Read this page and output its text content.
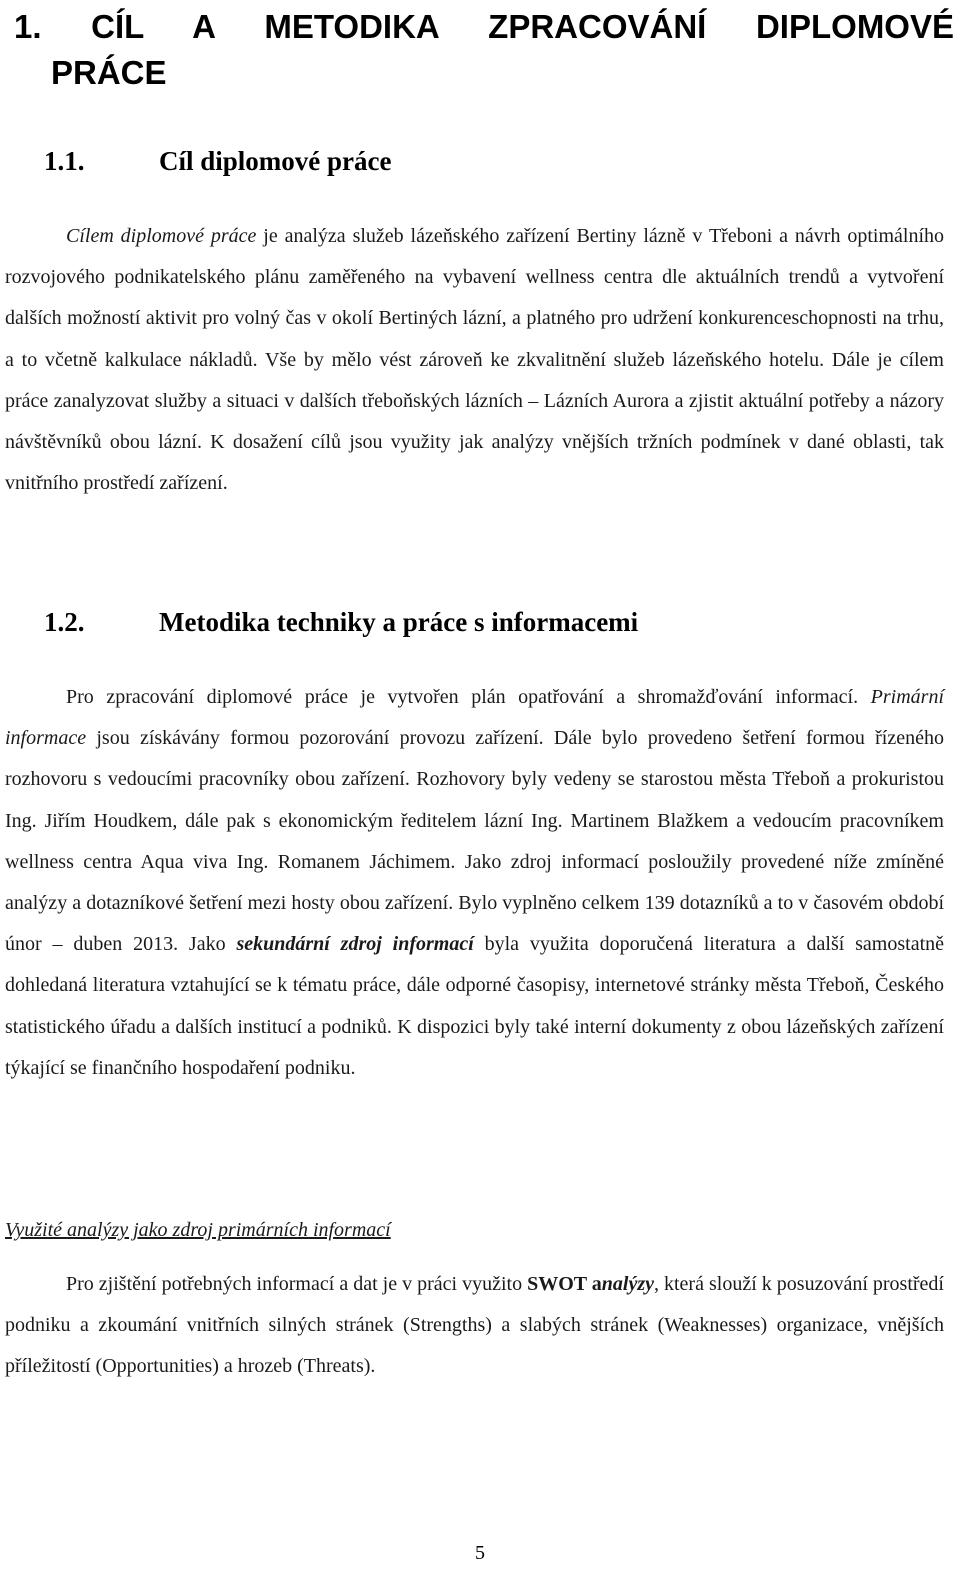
1. CÍL A METODIKA ZPRACOVÁNÍ DIPLOMOVÉ
PRÁCE
1.1.	Cíl diplomové práce

Cílem diplomové práce je analýza služeb lázeňského zařízení Bertiny lázně v Třeboni a návrh optimálního rozvojového podnikatelského plánu zaměřeného na vybavení wellness centra dle aktuálních trendů a vytvoření dalších možností aktivit pro volný čas v okolí Bertiných lázní, a platného pro udržení konkurenceschopnosti na trhu, a to včetně kalkulace nákladů. Vše by mělo vést zároveň ke zkvalitnění služeb lázeňského hotelu. Dále je cílem práce zanalyzovat služby a situaci v dalších třeboňských lázních – Lázních Aurora a zjistit aktuální potřeby a názory návštěvníků obou lázní. K dosažení cílů jsou využity jak analýzy vnějších tržních podmínek v dané oblasti, tak vnitřního prostředí zařízení.

1.2.	Metodika techniky a práce s informacemi

Pro zpracování diplomové práce je vytvořen plán opatřování a shromažďování informací. Primární informace jsou získávány formou pozorování provozu zařízení. Dále bylo provedeno šetření formou řízeného rozhovoru s vedoucími pracovníky obou zařízení. Rozhovory byly vedeny se starostou města Třeboň a prokuristou Ing. Jiřím Houdkem, dále pak s ekonomickým ředitelem lázní Ing. Martinem Blažkem a vedoucím pracovníkem wellness centra Aqua viva Ing. Romanem Jáchimem. Jako zdroj informací posloužily provedené níže zmíněné analýzy a dotazníkové šetření mezi hosty obou zařízení. Bylo vyplněno celkem 139 dotazníků a to v časovém období únor – duben 2013. Jako sekundární zdroj informací byla využita doporučená literatura a další samostatně dohledaná literatura vztahující se k tématu práce, dále odporné časopisy, internetové stránky města Třeboň, Českého statistického úřadu a dalších institucí a podniků. K dispozici byly také interní dokumenty z obou lázeňských zařízení týkající se finančního hospodaření podniku.

Využité analýzy jako zdroj primárních informací

Pro zjištění potřebných informací a dat je v práci využito SWOT analýzy, která slouží k posuzování prostředí podniku a zkoumání vnitřních silných stránek (Strengths) a slabých stránek (Weaknesses) organizace, vnějších příležitostí (Opportunities) a hrozeb (Threats).

5
